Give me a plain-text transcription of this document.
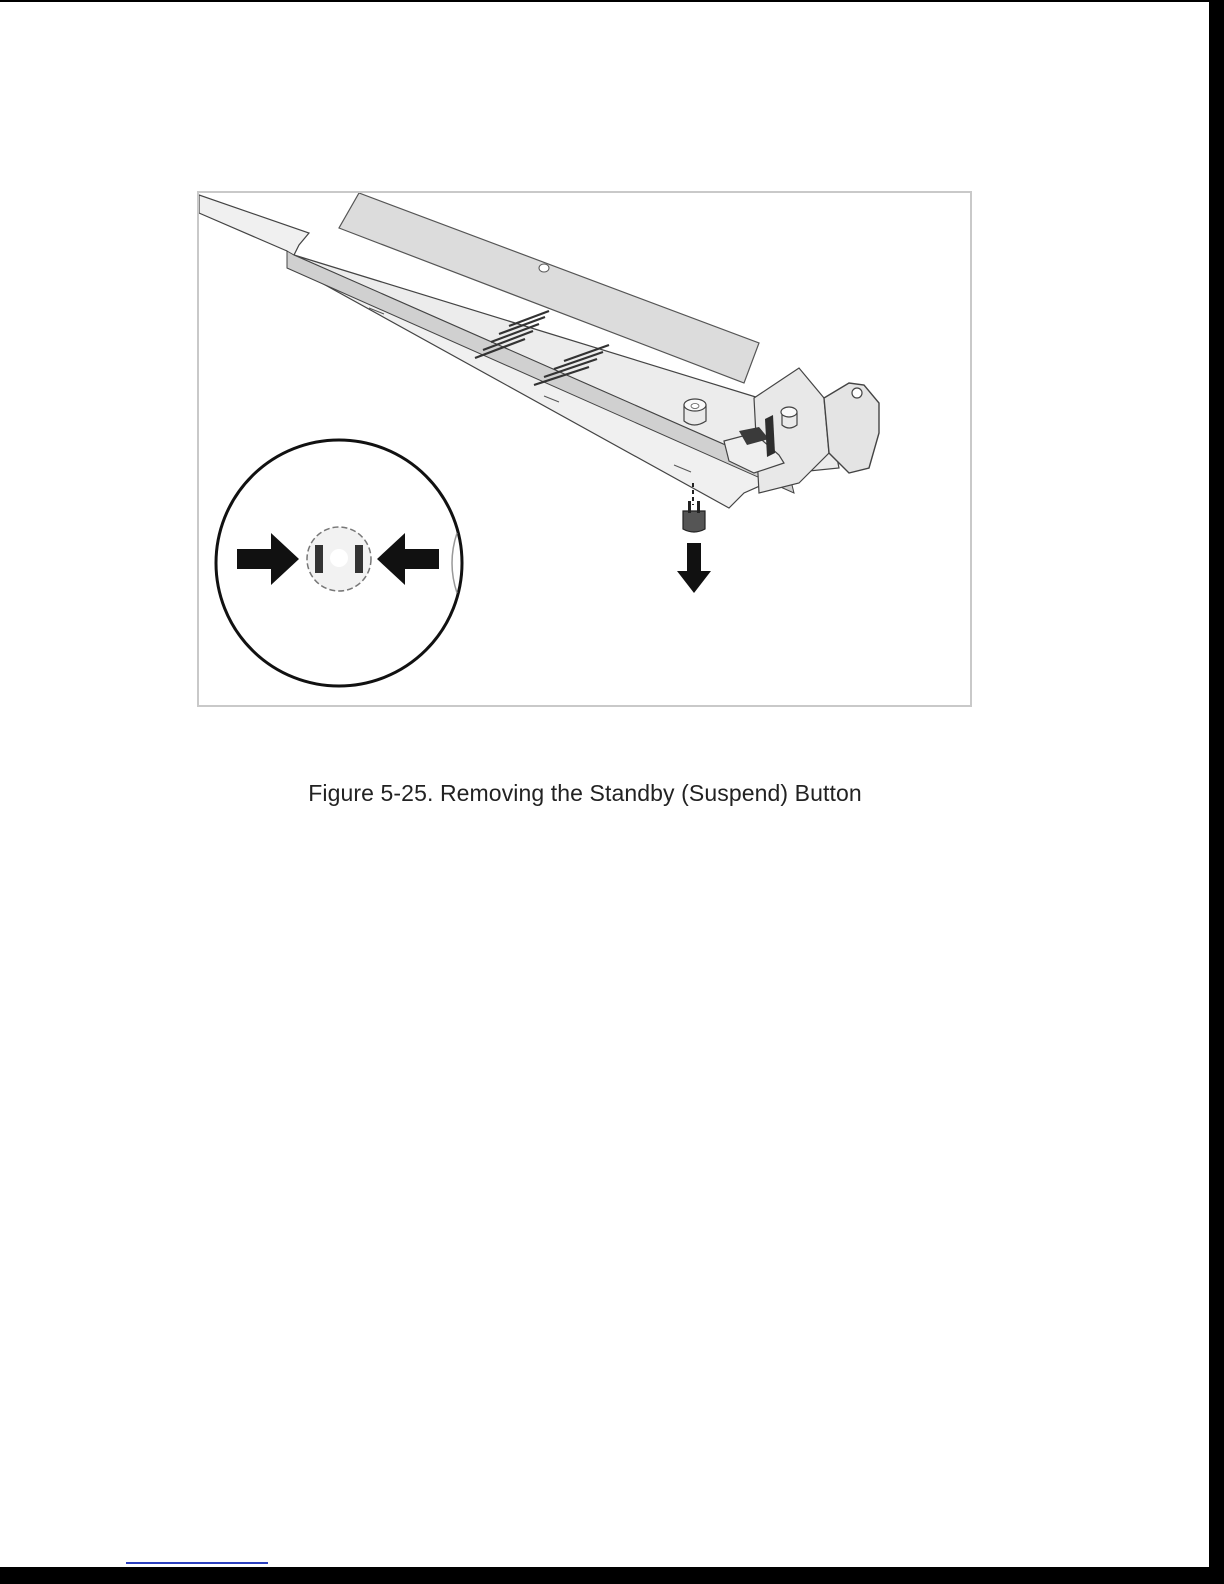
Figure 5-25. Removing the Standby (Suspend) Button
